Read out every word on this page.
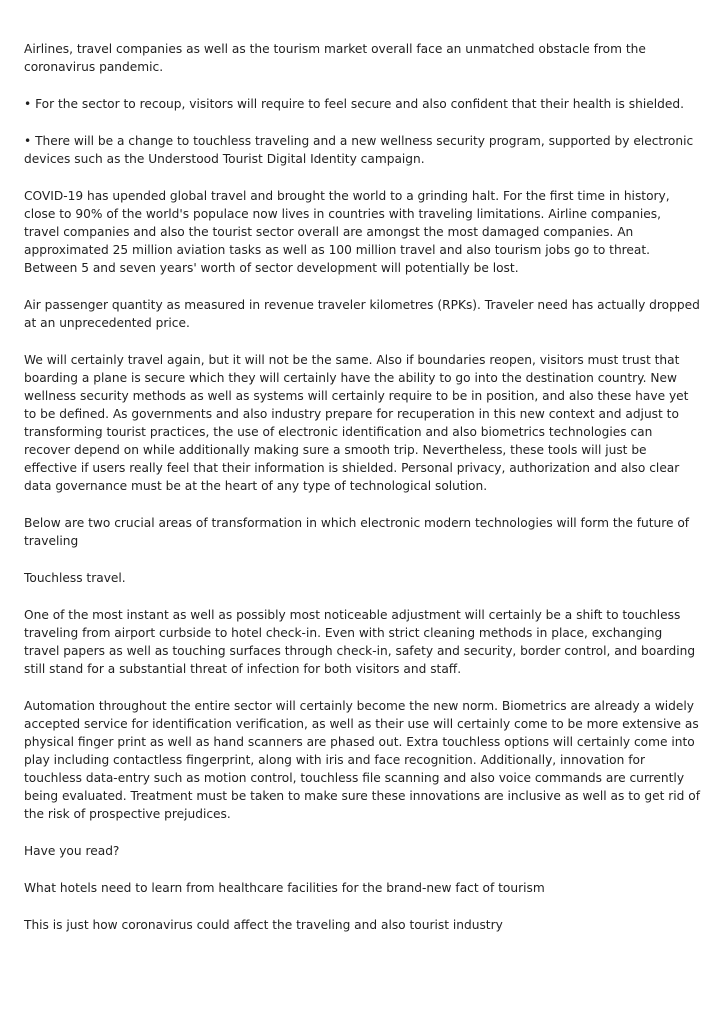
Airlines, travel companies as well as the tourism market overall face an unmatched obstacle from the coronavirus pandemic.

• For the sector to recoup, visitors will require to feel secure and also confident that their health is shielded.

• There will be a change to touchless traveling and a new wellness security program, supported by electronic devices such as the Understood Tourist Digital Identity campaign.

COVID-19 has upended global travel and brought the world to a grinding halt. For the first time in history, close to 90% of the world's populace now lives in countries with traveling limitations. Airline companies, travel companies and also the tourist sector overall are amongst the most damaged companies. An approximated 25 million aviation tasks as well as 100 million travel and also tourism jobs go to threat. Between 5 and seven years' worth of sector development will potentially be lost.

Air passenger quantity as measured in revenue traveler kilometres (RPKs). Traveler need has actually dropped at an unprecedented price.

We will certainly travel again, but it will not be the same. Also if boundaries reopen, visitors must trust that boarding a plane is secure which they will certainly have the ability to go into the destination country. New wellness security methods as well as systems will certainly require to be in position, and also these have yet to be defined. As governments and also industry prepare for recuperation in this new context and adjust to transforming tourist practices, the use of electronic identification and also biometrics technologies can recover depend on while additionally making sure a smooth trip. Nevertheless, these tools will just be effective if users really feel that their information is shielded. Personal privacy, authorization and also clear data governance must be at the heart of any type of technological solution.

Below are two crucial areas of transformation in which electronic modern technologies will form the future of traveling

Touchless travel.

One of the most instant as well as possibly most noticeable adjustment will certainly be a shift to touchless traveling from airport curbside to hotel check-in. Even with strict cleaning methods in place, exchanging travel papers as well as touching surfaces through check-in, safety and security, border control, and boarding still stand for a substantial threat of infection for both visitors and staff.

Automation throughout the entire sector will certainly become the new norm. Biometrics are already a widely accepted service for identification verification, as well as their use will certainly come to be more extensive as physical finger print as well as hand scanners are phased out. Extra touchless options will certainly come into play including contactless fingerprint, along with iris and face recognition. Additionally, innovation for touchless data-entry such as motion control, touchless file scanning and also voice commands are currently being evaluated. Treatment must be taken to make sure these innovations are inclusive as well as to get rid of the risk of prospective prejudices.

Have you read?

What hotels need to learn from healthcare facilities for the brand-new fact of tourism

This is just how coronavirus could affect the traveling and also tourist industry
